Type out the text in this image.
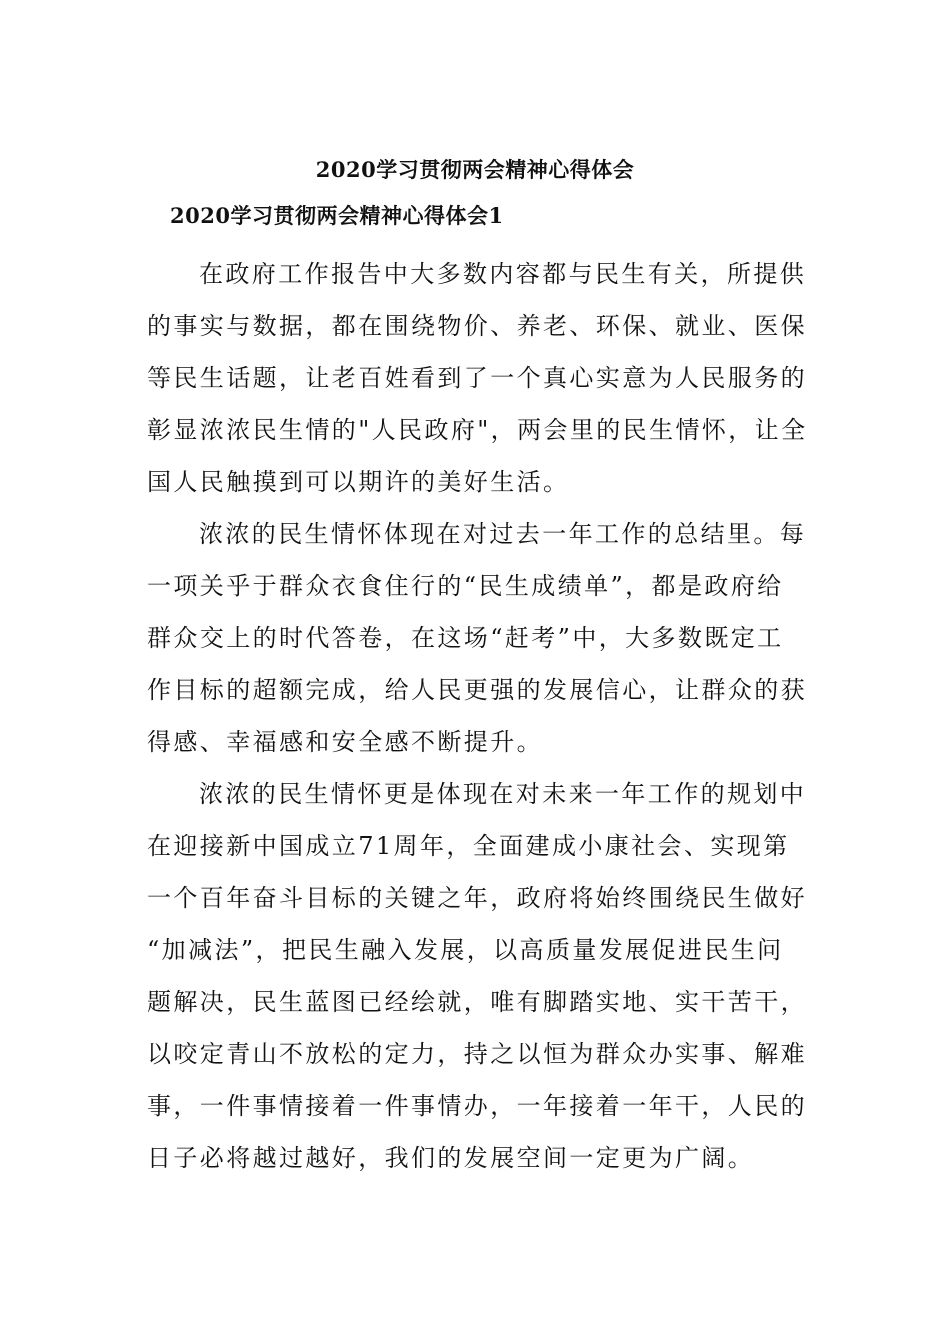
2020学习贯彻两会精神心得体会
2020学习贯彻两会精神心得体会1

在政府工作报告中大多数内容都与民生有关，所提供
的事实与数据，都在围绕物价、养老、环保、就业、医保
等民生话题，让老百姓看到了一个真心实意为人民服务的
彰显浓浓民生情的"人民政府"，两会里的民生情怀，让全
国人民触摸到可以期许的美好生活。

浓浓的民生情怀体现在对过去一年工作的总结里。每
一项关乎于群众衣食住行的“民生成绩单”，都是政府给
群众交上的时代答卷，在这场“赶考”中，大多数既定工
作目标的超额完成，给人民更强的发展信心，让群众的获
得感、幸福感和安全感不断提升。

浓浓的民生情怀更是体现在对未来一年工作的规划中
在迎接新中国成立71周年，全面建成小康社会、实现第
一个百年奋斗目标的关键之年，政府将始终围绕民生做好
“加减法”，把民生融入发展，以高质量发展促进民生问
题解决，民生蓝图已经绘就，唯有脚踏实地、实干苦干，
以咬定青山不放松的定力，持之以恒为群众办实事、解难
事，一件事情接着一件事情办，一年接着一年干，人民的
日子必将越过越好，我们的发展空间一定更为广阔。
